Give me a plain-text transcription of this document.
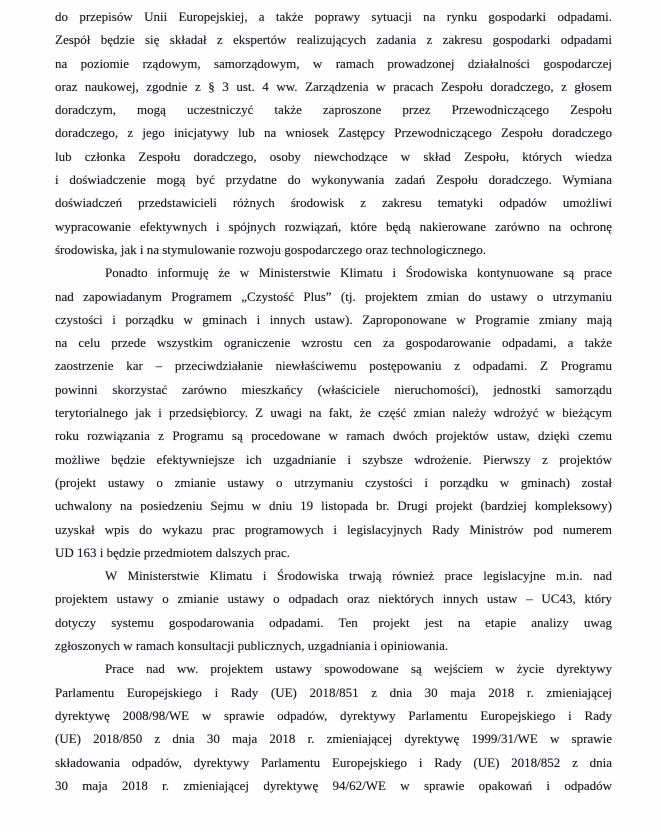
do przepisów Unii Europejskiej, a także poprawy sytuacji na rynku gospodarki odpadami.
Zespół będzie się składał z ekspertów realizujących zadania z zakresu gospodarki odpadami
na poziomie rządowym, samorządowym, w ramach prowadzonej działalności gospodarczej
oraz naukowej, zgodnie z § 3 ust. 4 ww. Zarządzenia w pracach Zespołu doradczego, z głosem
doradczym, mogą uczestniczyć także zaproszone przez Przewodniczącego Zespołu
doradczego, z jego inicjatywy lub na wniosek Zastępcy Przewodniczącego Zespołu doradczego
lub członka Zespołu doradczego, osoby niewchodzące w skład Zespołu, których wiedza
i doświadczenie mogą być przydatne do wykonywania zadań Zespołu doradczego. Wymiana
doświadczeń przedstawicieli różnych środowisk z zakresu tematyki odpadów umożliwi
wypracowanie efektywnych i spójnych rozwiązań, które będą nakierowane zarówno na ochronę
środowiska, jak i na stymulowanie rozwoju gospodarczego oraz technologicznego.
Ponadto informuję że w Ministerstwie Klimatu i Środowiska kontynuowane są prace
nad zapowiadanym Programem „Czystość Plus” (tj. projektem zmian do ustawy o utrzymaniu
czystości i porządku w gminach i innych ustaw). Zaproponowane w Programie zmiany mają
na celu przede wszystkim ograniczenie wzrostu cen za gospodarowanie odpadami, a także
zaostrzenie kar – przeciwdziałanie niewłaściwemu postępowaniu z odpadami. Z Programu
powinni skorzystać zarówno mieszkańcy (właściciele nieruchomości), jednostki samorządu
terytorialnego jak i przedsiębiorcy. Z uwagi na fakt, że część zmian należy wdrożyć w bieżącym
roku rozwiązania z Programu są procedowane w ramach dwóch projektów ustaw, dzięki czemu
możliwe będzie efektywniejsze ich uzgadnianie i szybsze wdrożenie. Pierwszy z projektów
(projekt ustawy o zmianie ustawy o utrzymaniu czystości i porządku w gminach) został
uchwalony na posiedzeniu Sejmu w dniu 19 listopada br. Drugi projekt (bardziej kompleksowy)
uzyskał wpis do wykazu prac programowych i legislacyjnych Rady Ministrów pod numerem
UD 163 i będzie przedmiotem dalszych prac.
W Ministerstwie Klimatu i Środowiska trwają również prace legislacyjne m.in. nad
projektem ustawy o zmianie ustawy o odpadach oraz niektórych innych ustaw – UC43, który
dotyczy systemu gospodarowania odpadami. Ten projekt jest na etapie analizy uwag
zgłoszonych w ramach konsultacji publicznych, uzgadniania i opiniowania.
Prace nad ww. projektem ustawy spowodowane są wejściem w życie dyrektywy
Parlamentu Europejskiego i Rady (UE) 2018/851 z dnia 30 maja 2018 r. zmieniającej
dyrektywę 2008/98/WE w sprawie odpadów, dyrektywy Parlamentu Europejskiego i Rady
(UE) 2018/850 z dnia 30 maja 2018 r. zmieniającej dyrektywę 1999/31/WE w sprawie
składowania odpadów, dyrektywy Parlamentu Europejskiego i Rady (UE) 2018/852 z dnia
30 maja 2018 r. zmieniającej dyrektywę 94/62/WE w sprawie opakowań i odpadów
